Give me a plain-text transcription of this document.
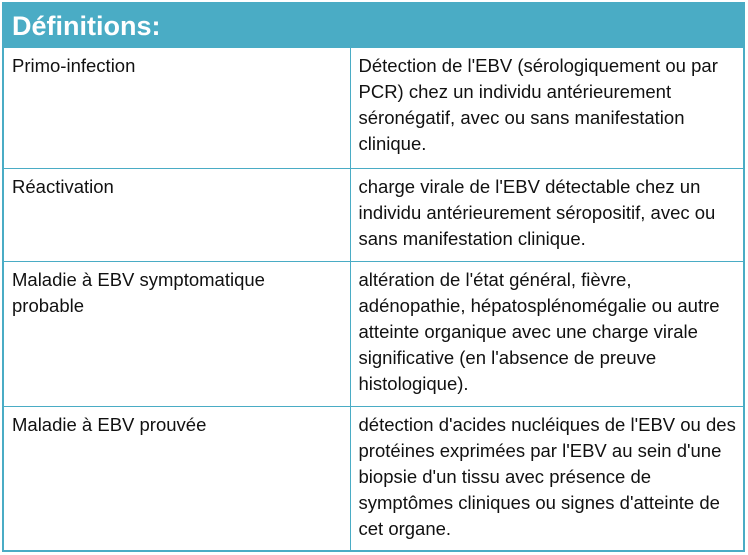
Définitions:
Primo-infection	Détection de l'EBV (sérologiquement ou par PCR) chez un individu antérieurement séronégatif, avec ou sans manifestation clinique.
Réactivation	charge virale de l'EBV détectable chez un individu antérieurement séropositif, avec ou sans manifestation clinique.
Maladie à EBV symptomatique probable	altération de l'état général, fièvre, adénopathie, hépatosplénomégalie ou autre atteinte organique avec une charge virale significative (en l'absence de preuve histologique).
Maladie à EBV prouvée	détection d'acides nucléiques de l'EBV ou des protéines exprimées par l'EBV au sein d'une biopsie d'un tissu avec présence de symptômes cliniques ou signes d'atteinte de cet organe.
